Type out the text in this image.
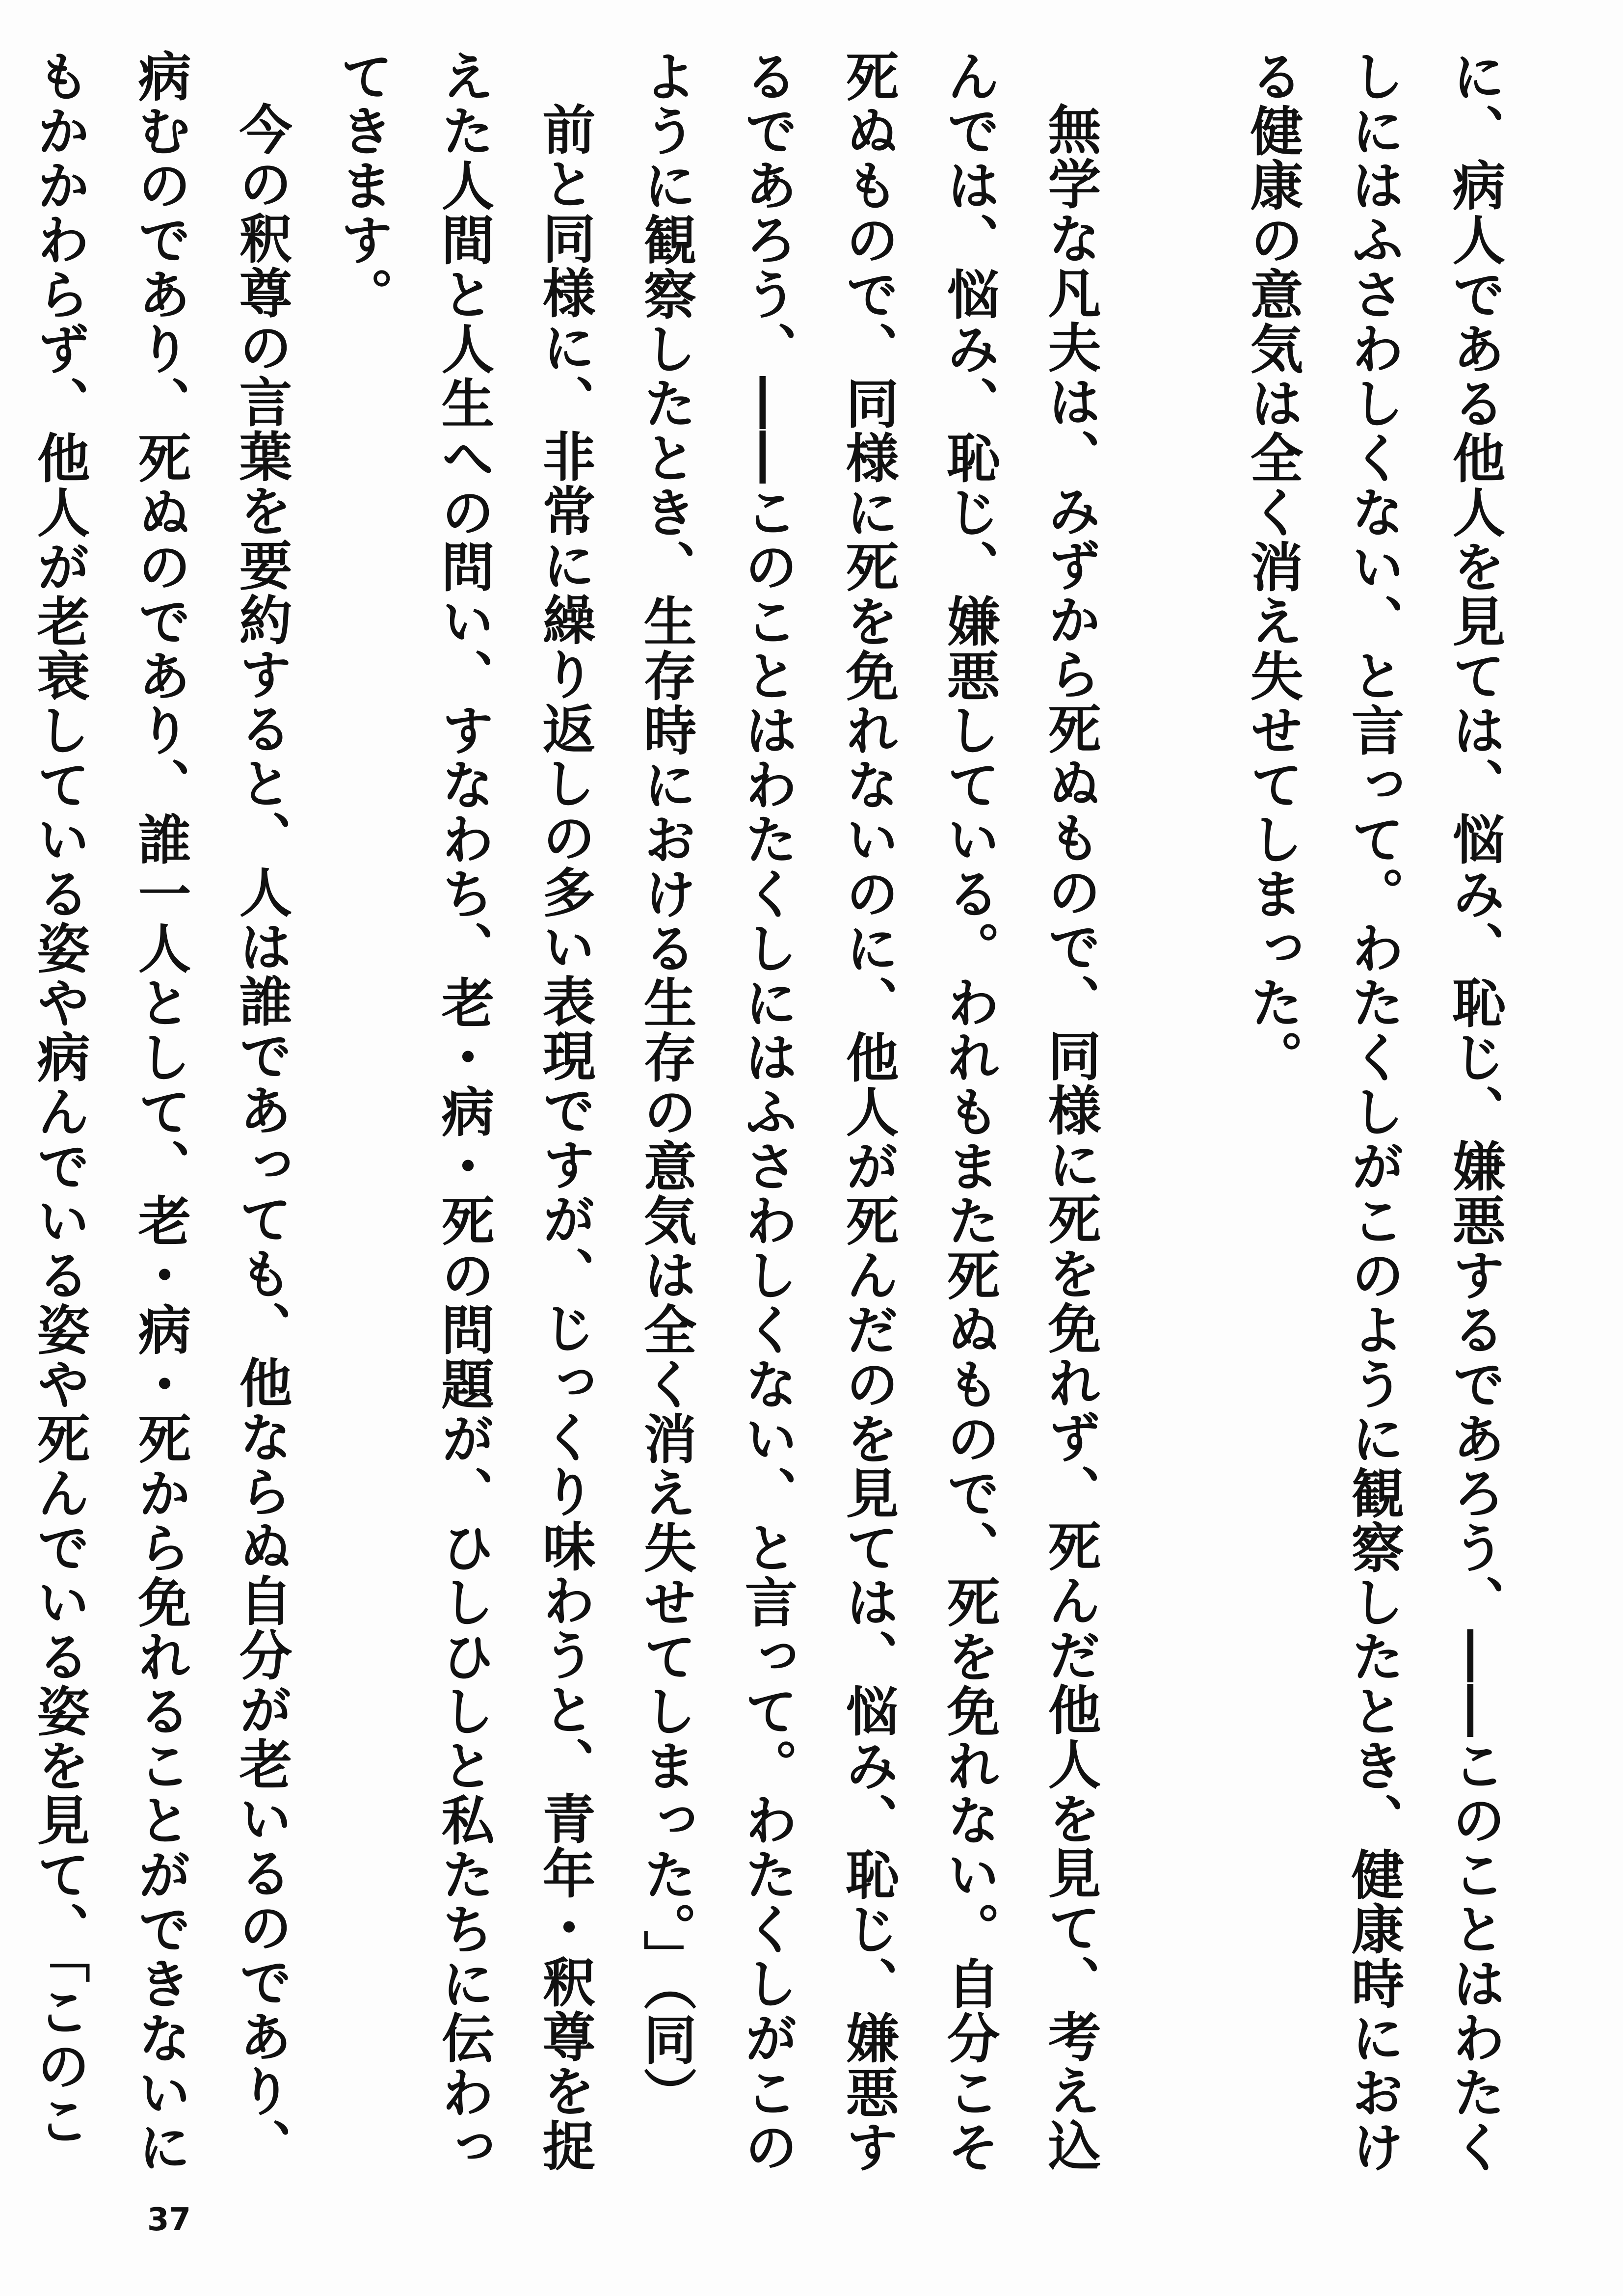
に、病人である他人を見ては、悩み、恥じ、嫌悪するであろう、――このことはわたくしにはふさわしくない、と言って。わたくしがこのように観察したとき、健康時における健康の意気は全く消え失せてしまった。

無学な凡夫は、みずから死ぬもので、同様に死を免れず、死んだ他人を見て、考え込んでは、悩み、恥じ、嫌悪している。われもまた死ぬもので、死を免れない。自分こそ死ぬもので、同様に死を免れないのに、他人が死んだのを見ては、悩み、恥じ、嫌悪するであろう、――このことはわたくしにはふさわしくない、と言って。わたくしがこのように観察したとき、生存時における生存の意気は全く消え失せてしまった。」（同）

前と同様に、非常に繰り返しの多い表現ですが、じっくり味わうと、青年・釈尊を捉えた人間と人生への問い、すなわち、老・病・死の問題が、ひしひしと私たちに伝わってきます。

今の釈尊の言葉を要約すると、人は誰であっても、他ならぬ自分が老いるのであり、病むのであり、死ぬのであり、誰一人として、老・病・死から免れることができないにもかかわらず、他人が老衰している姿や病んでいる姿や死んでいる姿を見て、「このこ

37
